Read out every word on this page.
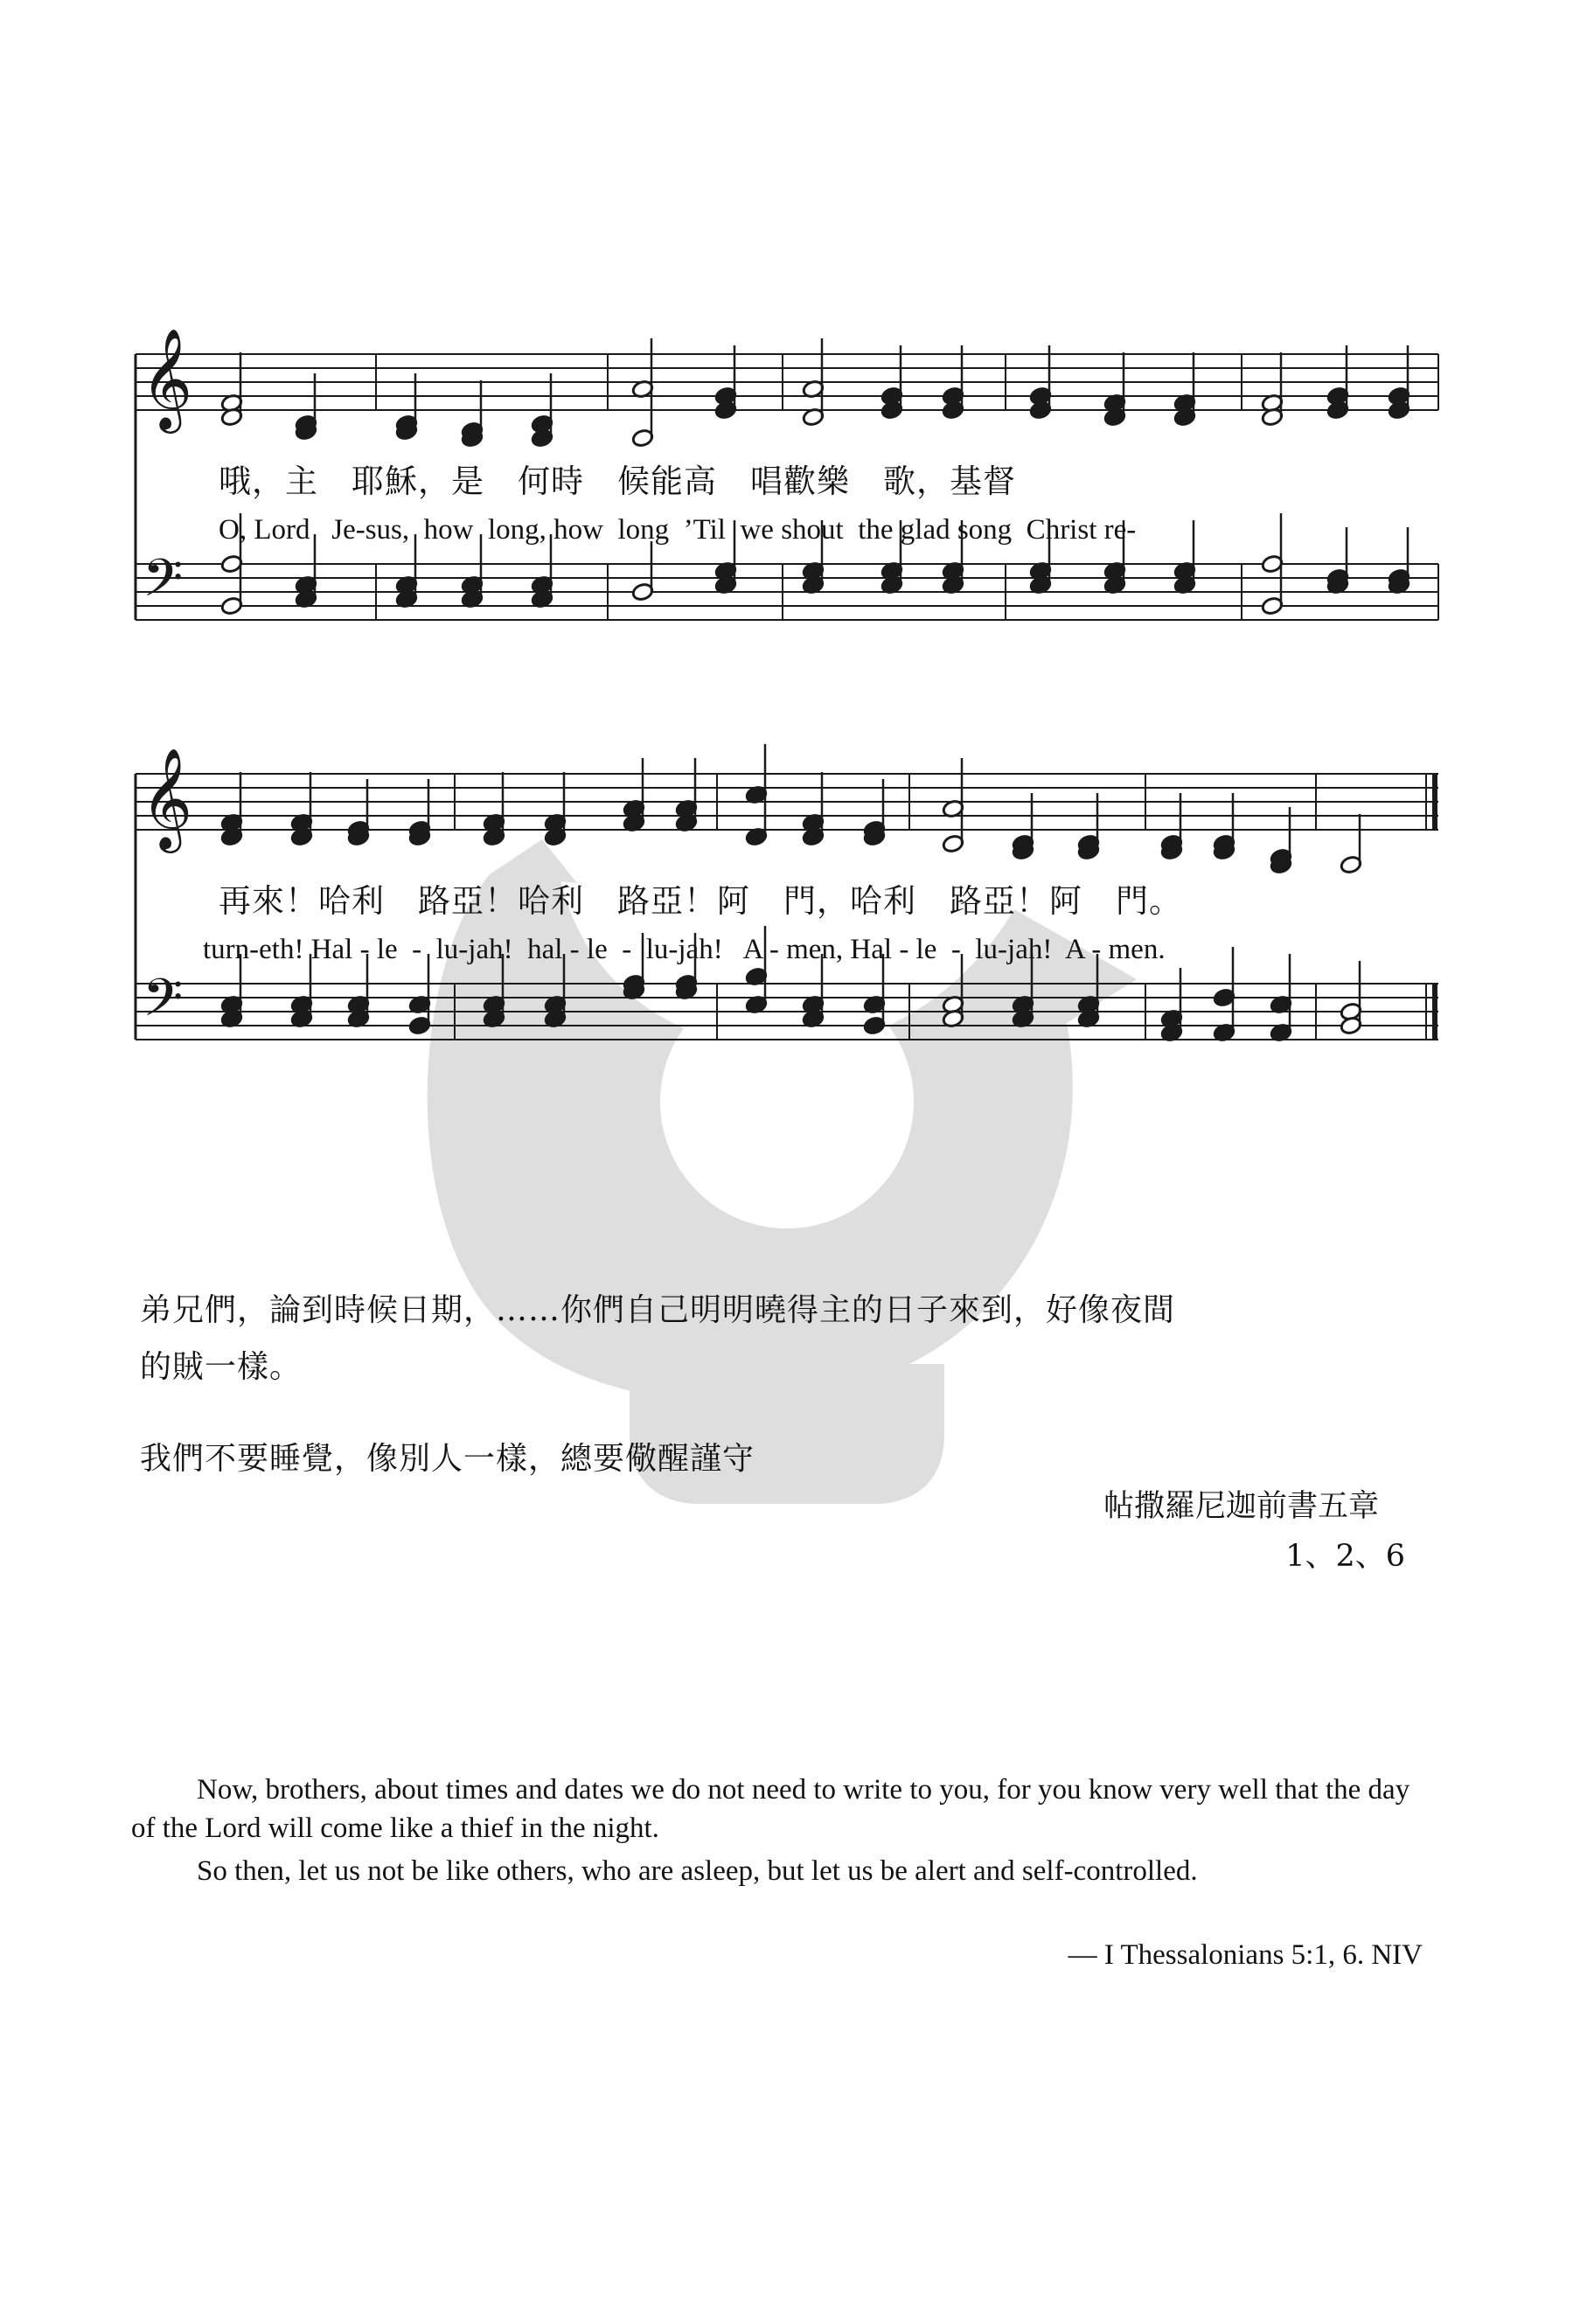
𝄞
𝄢
哦，主　耶穌，是　何時　候能高　唱歡樂　歌，基督
O, Lord   Je-sus,  how  long, how  long  ’Til  we shout  the glad song  Christ re-
𝄞
𝄢
再來！哈利　路亞！哈利　路亞！阿　門，哈利　路亞！阿　門。
turn-eth! Hal - le  -  lu-jah!  hal - le  -  lu-jah!   A - men, Hal - le  -  lu-jah!  A - men.
弟兄們，論到時候日期，……你們自己明明曉得主的日子來到，好像夜間
的賊一樣。
我們不要睡覺，像別人一樣，總要儆醒謹守
帖撒羅尼迦前書五章
1、2、6
Now, brothers, about times and dates we do not need to write to you, for you know very well that the day of the Lord will come like a thief in the night.
So then, let us not be like others, who are asleep, but let us be alert and self-controlled.
— I Thessalonians 5:1, 6. NIV
